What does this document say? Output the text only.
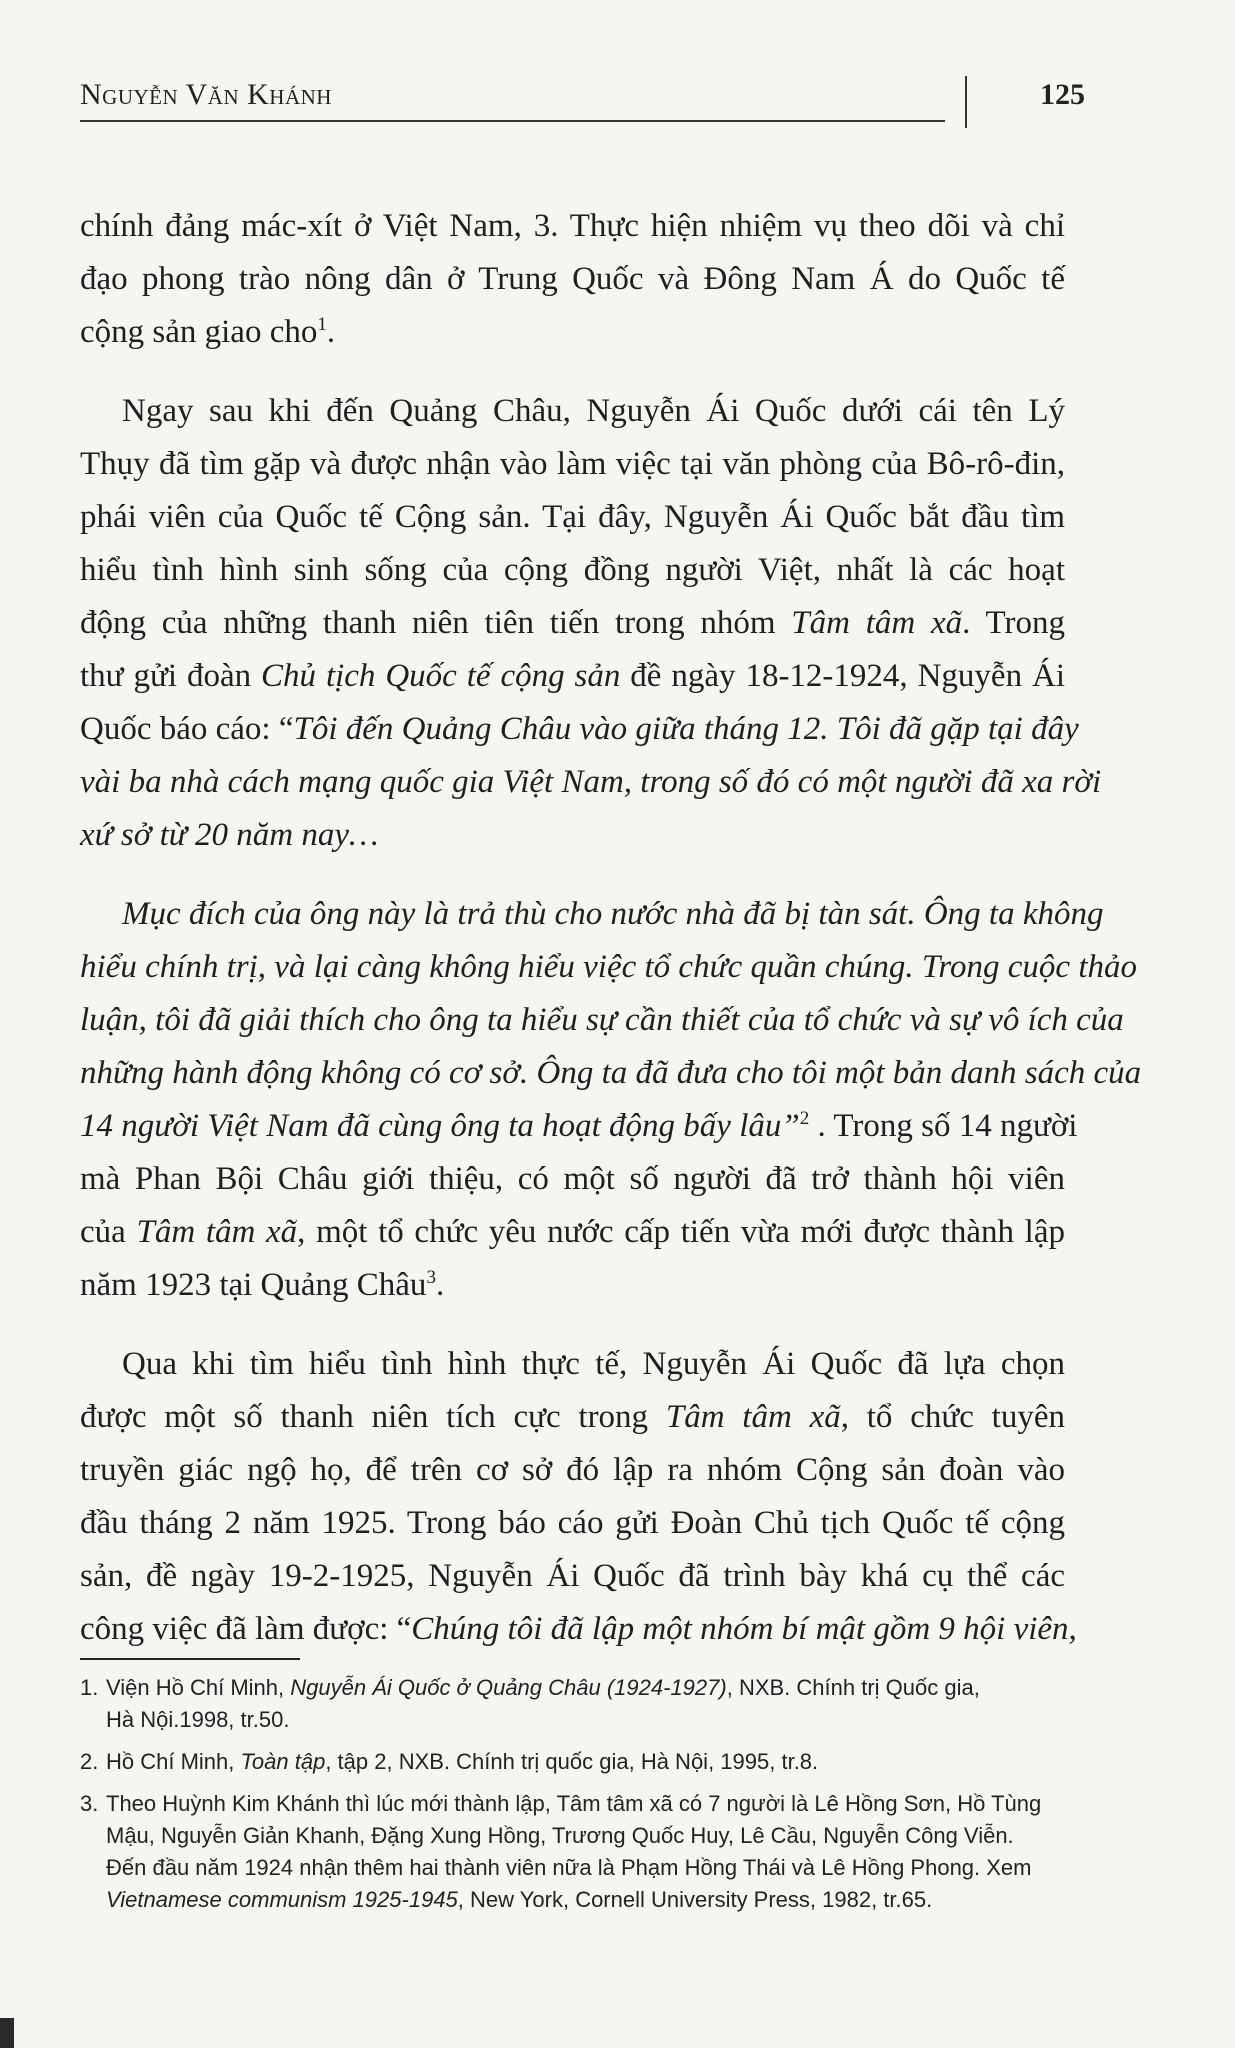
Nguyễn Văn Khánh	125
chính đảng mác-xít ở Việt Nam, 3. Thực hiện nhiệm vụ theo dõi và chỉ
đạo phong trào nông dân ở Trung Quốc và Đông Nam Á do Quốc tế
cộng sản giao cho$^1$.
Ngay sau khi đến Quảng Châu, Nguyễn Ái Quốc dưới cái tên Lý
Thụy đã tìm gặp và được nhận vào làm việc tại văn phòng của Bô-rô-đin,
phái viên của Quốc tế Cộng sản. Tại đây, Nguyễn Ái Quốc bắt đầu tìm
hiểu tình hình sinh sống của cộng đồng người Việt, nhất là các hoạt
động của những thanh niên tiên tiến trong nhóm Tâm tâm xã. Trong
thư gửi đoàn Chủ tịch Quốc tế cộng sản đề ngày 18-12-1924, Nguyễn Ái
Quốc báo cáo: “Tôi đến Quảng Châu vào giữa tháng 12. Tôi đã gặp tại đây
vài ba nhà cách mạng quốc gia Việt Nam, trong số đó có một người đã xa rời
xứ sở từ 20 năm nay…
Mục đích của ông này là trả thù cho nước nhà đã bị tàn sát. Ông ta không
hiểu chính trị, và lại càng không hiểu việc tổ chức quần chúng. Trong cuộc thảo
luận, tôi đã giải thích cho ông ta hiểu sự cần thiết của tổ chức và sự vô ích của
những hành động không có cơ sở. Ông ta đã đưa cho tôi một bản danh sách của
14 người Việt Nam đã cùng ông ta hoạt động bấy lâu”$^2$ . Trong số 14 người
mà Phan Bội Châu giới thiệu, có một số người đã trở thành hội viên
của Tâm tâm xã, một tổ chức yêu nước cấp tiến vừa mới được thành lập
năm 1923 tại Quảng Châu$^3$.
Qua khi tìm hiểu tình hình thực tế, Nguyễn Ái Quốc đã lựa chọn
được một số thanh niên tích cực trong Tâm tâm xã, tổ chức tuyên
truyền giác ngộ họ, để trên cơ sở đó lập ra nhóm Cộng sản đoàn vào
đầu tháng 2 năm 1925. Trong báo cáo gửi Đoàn Chủ tịch Quốc tế cộng
sản, đề ngày 19-2-1925, Nguyễn Ái Quốc đã trình bày khá cụ thể các
công việc đã làm được: “Chúng tôi đã lập một nhóm bí mật gồm 9 hội viên,
1. Viện Hồ Chí Minh, Nguyễn Ái Quốc ở Quảng Châu (1924-1927), NXB. Chính trị Quốc gia,
Hà Nội.1998, tr.50.
2. Hồ Chí Minh, Toàn tập, tập 2, NXB. Chính trị quốc gia, Hà Nội, 1995, tr.8.
3. Theo Huỳnh Kim Khánh thì lúc mới thành lập, Tâm tâm xã có 7 người là Lê Hồng Sơn, Hồ Tùng
Mậu, Nguyễn Giản Khanh, Đặng Xung Hồng, Trương Quốc Huy, Lê Cầu, Nguyễn Công Viễn.
Đến đầu năm 1924 nhận thêm hai thành viên nữa là Phạm Hồng Thái và Lê Hồng Phong. Xem
Vietnamese communism 1925-1945, New York, Cornell University Press, 1982, tr.65.
